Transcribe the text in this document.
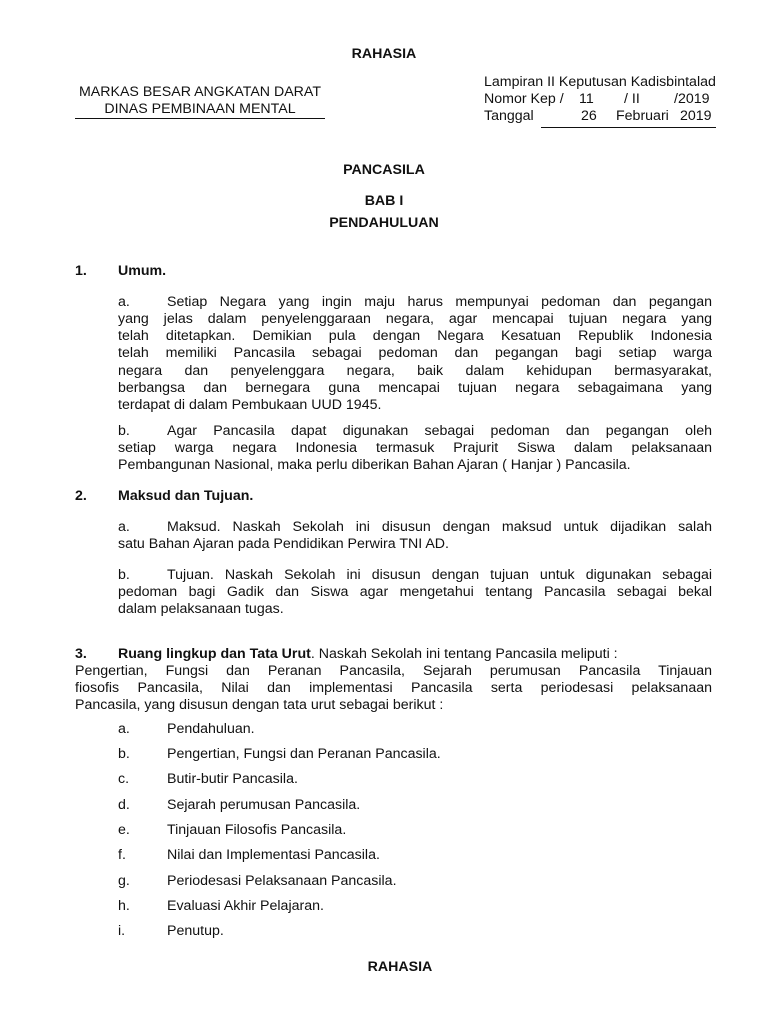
RAHASIA
MARKAS BESAR ANGKATAN DARAT
DINAS PEMBINAAN MENTAL
Lampiran II Keputusan Kadisbintalad
Nomor Kep / 11 / II /2019
Tanggal	26 Februari 2019
PANCASILA
BAB I
PENDAHULUAN
1. Umum.
a.	Setiap Negara yang ingin maju harus mempunyai pedoman dan pegangan
yang jelas dalam penyelenggaraan negara, agar mencapai tujuan negara yang
telah ditetapkan. Demikian pula dengan Negara Kesatuan Republik Indonesia
telah memiliki Pancasila sebagai pedoman dan pegangan bagi setiap warga
negara dan penyelenggara negara, baik dalam kehidupan bermasyarakat,
berbangsa dan bernegara guna mencapai tujuan negara sebagaimana yang
terdapat di dalam Pembukaan UUD 1945.
b.	Agar Pancasila dapat digunakan sebagai pedoman dan pegangan oleh
setiap warga negara Indonesia termasuk Prajurit Siswa dalam pelaksanaan
Pembangunan Nasional, maka perlu diberikan Bahan Ajaran ( Hanjar ) Pancasila.
2. Maksud dan Tujuan.
a.	Maksud. Naskah Sekolah ini disusun dengan maksud untuk dijadikan salah
satu Bahan Ajaran pada Pendidikan Perwira TNI AD.
b.	Tujuan. Naskah Sekolah ini disusun dengan tujuan untuk digunakan sebagai
pedoman bagi Gadik dan Siswa agar mengetahui tentang Pancasila sebagai bekal
dalam pelaksanaan tugas.
3. Ruang lingkup dan Tata Urut. Naskah Sekolah ini tentang Pancasila meliputi :
Pengertian, Fungsi dan Peranan Pancasila, Sejarah perumusan Pancasila Tinjauan
fiosofis Pancasila, Nilai dan implementasi Pancasila serta periodesasi pelaksanaan
Pancasila, yang disusun dengan tata urut sebagai berikut :
a.	Pendahuluan.
b.	Pengertian, Fungsi dan Peranan Pancasila.
c.	Butir-butir Pancasila.
d.	Sejarah perumusan Pancasila.
e.	Tinjauan Filosofis Pancasila.
f.	Nilai dan Implementasi Pancasila.
g.	Periodesasi Pelaksanaan Pancasila.
h.	Evaluasi Akhir Pelajaran.
i.	Penutup.
RAHASIA
